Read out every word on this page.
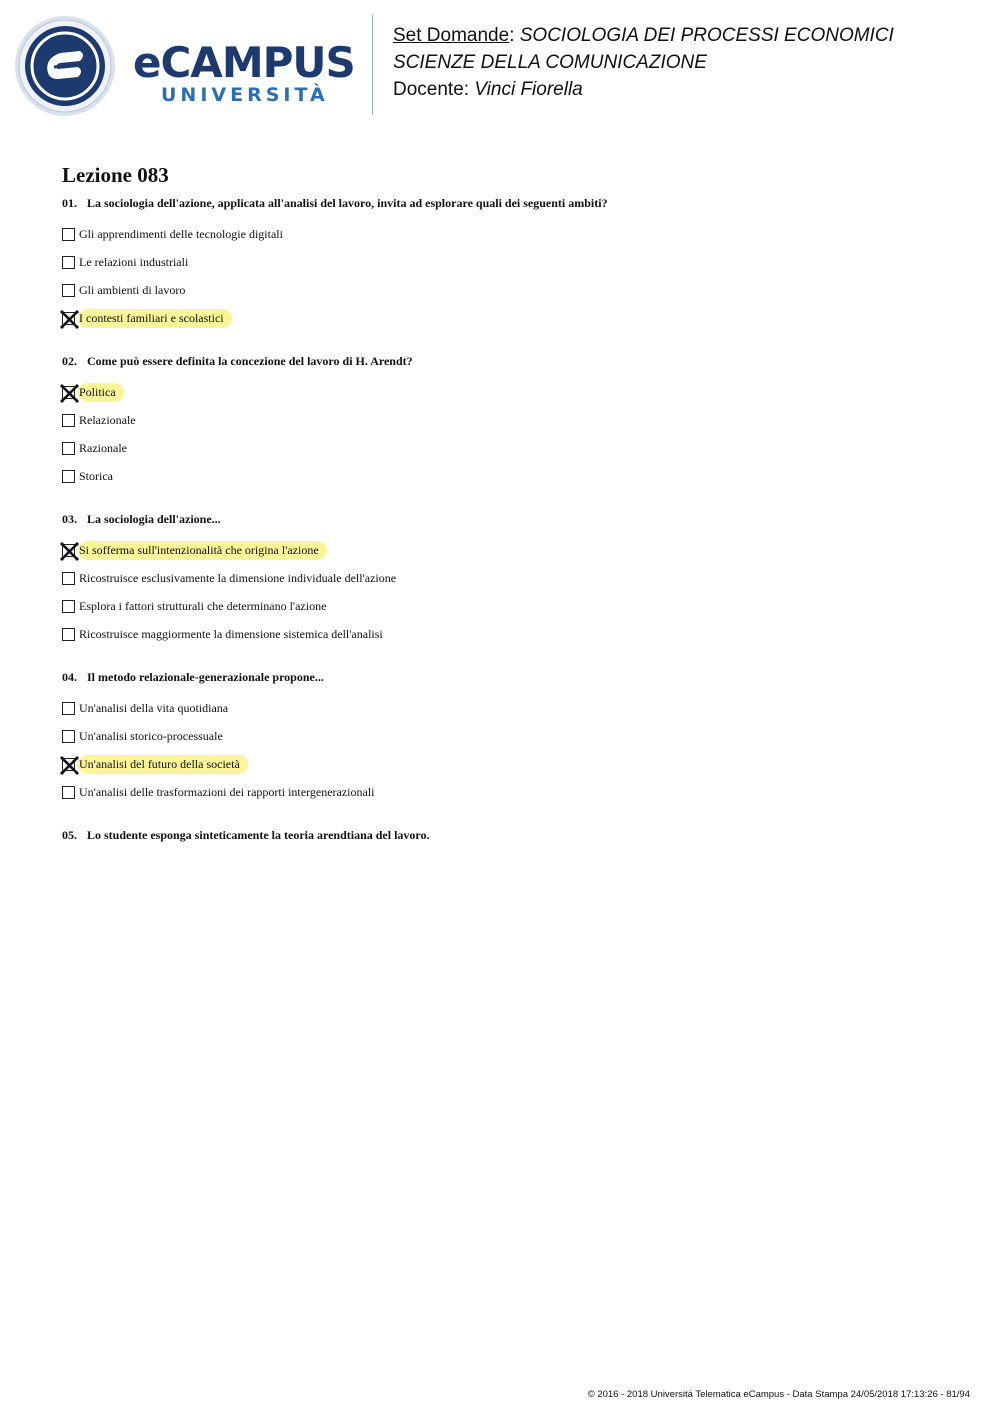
eCAMPUS
UNIVERSITÀ
Set Domande: SOCIOLOGIA DEI PROCESSI ECONOMICI
SCIENZE DELLA COMUNICAZIONE
Docente: Vinci Fiorella
Lezione 083
01. La sociologia dell'azione, applicata all'analisi del lavoro, invita ad esplorare quali dei seguenti ambiti?
Gli apprendimenti delle tecnologie digitali
Le relazioni industriali
Gli ambienti di lavoro
I contesti familiari e scolastici
02. Come può essere definita la concezione del lavoro di H. Arendt?
Politica
Relazionale
Razionale
Storica
03. La sociologia dell'azione...
Si sofferma sull'intenzionalità che origina l'azione
Ricostruisce esclusivamente la dimensione individuale dell'azione
Esplora i fattori strutturali che determinano l'azione
Ricostruisce maggiormente la dimensione sistemica dell'analisi
04. Il metodo relazionale-generazionale propone...
Un'analisi della vita quotidiana
Un'analisi storico-processuale
Un'analisi del futuro della società
Un'analisi delle trasformazioni dei rapporti intergenerazionali
05. Lo studente esponga sinteticamente la teoria arendtiana del lavoro.
© 2016 - 2018 Università Telematica eCampus - Data Stampa 24/05/2018 17:13:26 - 81/94
